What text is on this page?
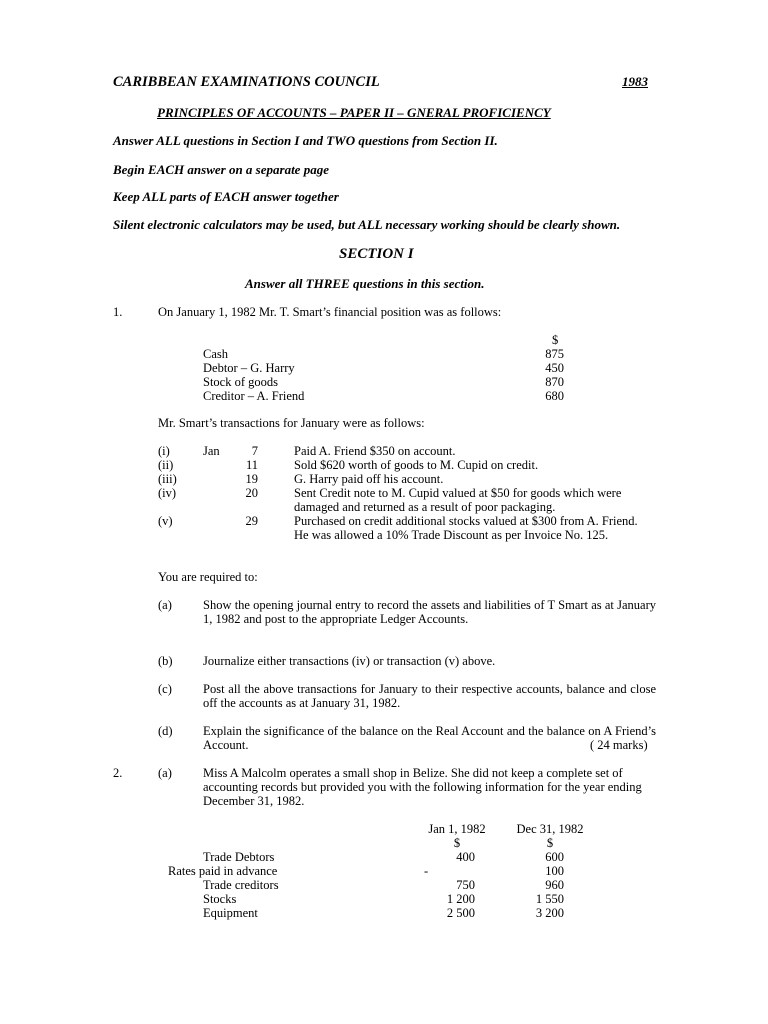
CARIBBEAN EXAMINATIONS COUNCIL	1983
PRINCIPLES OF ACCOUNTS – PAPER II – GNERAL PROFICIENCY
Answer ALL questions in Section I and TWO questions from Section II.
Begin EACH answer on a separate page
Keep ALL parts of EACH answer together
Silent electronic calculators may be used, but ALL necessary working should be clearly shown.
SECTION I
Answer all THREE questions in this section.
1.	On January 1, 1982 Mr. T. Smart’s financial position was as follows:
$
Cash	875
Debtor – G. Harry	450
Stock of goods	870
Creditor – A. Friend	680
Mr. Smart’s transactions for January were as follows:
(i)	Jan	7	Paid A. Friend $350 on account.
(ii)	11	Sold $620 worth of goods to M. Cupid on credit.
(iii)	19	G. Harry paid off his account.
(iv)	20	Sent Credit note to M. Cupid valued at $50 for goods which were damaged and returned as a result of poor packaging.
(v)	29	Purchased on credit additional stocks valued at $300 from A. Friend. He was allowed a 10% Trade Discount as per Invoice No. 125.
You are required to:
(a) Show the opening journal entry to record the assets and liabilities of T Smart as at January 1, 1982 and post to the appropriate Ledger Accounts.
(b) Journalize either transactions (iv) or transaction (v) above.
(c) Post all the above transactions for January to their respective accounts, balance and close off the accounts as at January 31, 1982.
(d) Explain the significance of the balance on the Real Account and the balance on A Friend’s Account.	( 24 marks)
2.	(a) Miss A Malcolm operates a small shop in Belize. She did not keep a complete set of accounting records but provided you with the following information for the year ending December 31, 1982.
Jan 1, 1982	Dec 31, 1982
$	$
Trade Debtors	400	600
Rates paid in advance	-	100
Trade creditors	750	960
Stocks	1 200	1 550
Equipment	2 500	3 200
